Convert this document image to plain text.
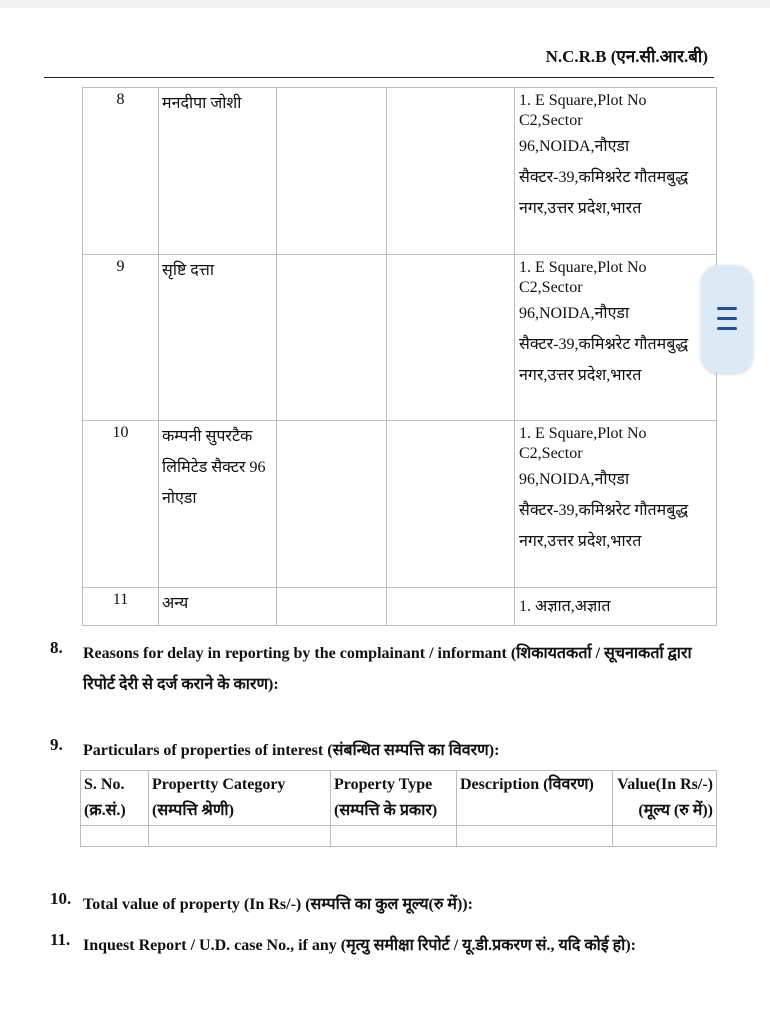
N.C.R.B (एन.सी.आर.बी)
8	मनदीपा जोशी			1. E Square,Plot No C2,Sector
96,NOIDA,नौएडा सैक्टर-39,कमिश्नरेट गौतमबुद्ध नगर,उत्तर प्रदेश,भारत

9	सृष्टि दत्ता			1. E Square,Plot No C2,Sector
96,NOIDA,नौएडा सैक्टर-39,कमिश्नरेट गौतमबुद्ध नगर,उत्तर प्रदेश,भारत

10	कम्पनी सुपरटैक लिमिटेड सैक्टर 96 नोएडा			1. E Square,Plot No C2,Sector
96,NOIDA,नौएडा सैक्टर-39,कमिश्नरेट गौतमबुद्ध नगर,उत्तर प्रदेश,भारत

11	अन्य			1. अज्ञात,अज्ञात
8. Reasons for delay in reporting by the complainant / informant (शिकायतकर्ता / सूचनाकर्ता द्वारा रिपोर्ट देरी से दर्ज कराने के कारण):
9. Particulars of properties of interest (संबन्धित सम्पत्ति का विवरण):
S. No. (क्र.सं.)	Propertty Category (सम्पत्ति श्रेणी)	Property Type (सम्पत्ति के प्रकार)	Description (विवरण)	Value(In Rs/-) (मूल्य (रु में))

10. Total value of property (In Rs/-) (सम्पत्ति का कुल मूल्य(रु में)):
11. Inquest Report / U.D. case No., if any (मृत्यु समीक्षा रिपोर्ट / यू.डी.प्रकरण सं., यदि कोई हो):
